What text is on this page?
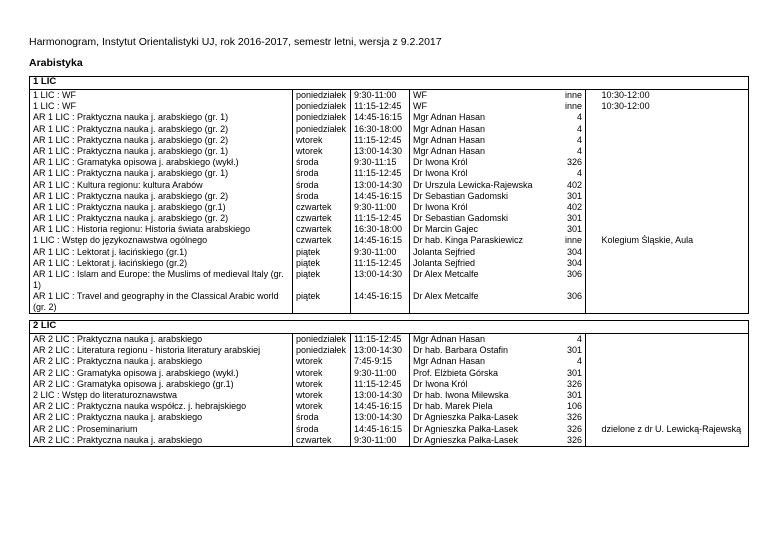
Harmonogram, Instytut Orientalistyki UJ, rok 2016-2017, semestr letni, wersja z 9.2.2017
Arabistyka
1 LIC						
1 LIC : WF	poniedziałek	9:30-11:00	WF	inne		10:30-12:00
1 LIC : WF	poniedziałek	11:15-12:45	WF	inne		10:30-12:00
AR 1 LIC : Praktyczna nauka j. arabskiego (gr. 1)	poniedziałek	14:45-16:15	Mgr Adnan Hasan	4		
AR 1 LIC : Praktyczna nauka j. arabskiego (gr. 2)	poniedziałek	16:30-18:00	Mgr Adnan Hasan	4		
AR 1 LIC : Praktyczna nauka j. arabskiego (gr. 2)	wtorek	11:15-12:45	Mgr Adnan Hasan	4		
AR 1 LIC : Praktyczna nauka j. arabskiego (gr. 1)	wtorek	13:00-14:30	Mgr Adnan Hasan	4		
AR 1 LIC : Gramatyka opisowa j. arabskiego (wykł.)	środa	9:30-11:15	Dr Iwona Król	326		
AR 1 LIC : Praktyczna nauka j. arabskiego (gr. 1)	środa	11:15-12:45	Dr Iwona Król	4		
AR 1 LIC : Kultura regionu: kultura Arabów	środa	13:00-14:30	Dr Urszula Lewicka-Rajewska	402		
AR 1 LIC : Praktyczna nauka j. arabskiego (gr. 2)	środa	14:45-16:15	Dr Sebastian Gadomski	301		
AR 1 LIC : Praktyczna nauka j. arabskiego (gr.1)	czwartek	9:30-11:00	Dr Iwona Król	402		
AR 1 LIC : Praktyczna nauka j. arabskiego (gr. 2)	czwartek	11:15-12:45	Dr Sebastian Gadomski	301		
AR 1 LIC : Historia regionu: Historia świata arabskiego	czwartek	16:30-18:00	Dr Marcin Gajec	301		
1 LIC : Wstęp do językoznawstwa ogólnego	czwartek	14:45-16:15	Dr hab. Kinga Paraskiewicz	inne		Kolegium Śląskie, Aula
AR 1 LIC : Lektorat j. łacińskiego (gr.1)	piątek	9:30-11:00	Jolanta Sejfried	304		
AR 1 LIC : Lektorat j. łacińskiego (gr.2)	piątek	11:15-12:45	Jolanta Sejfried	304		
AR 1 LIC : Islam and Europe: the Muslims of medieval Italy (gr. 1)	piątek	13:00-14:30	Dr Alex Metcalfe	306		
AR 1 LIC : Travel and geography in the Classical Arabic world (gr. 2)	piątek	14:45-16:15	Dr Alex Metcalfe	306		

2 LIC						
AR 2 LIC : Praktyczna nauka j. arabskiego	poniedziałek	11:15-12:45	Mgr Adnan Hasan	4		
AR 2 LIC : Literatura regionu - historia literatury arabskiej	poniedziałek	13:00-14:30	Dr hab. Barbara Ostafin	301		
AR 2 LIC : Praktyczna nauka j. arabskiego	wtorek	7:45-9:15	Mgr Adnan Hasan	4		
AR 2 LIC : Gramatyka opisowa j. arabskiego (wykł.)	wtorek	9:30-11:00	Prof. Elżbieta Górska	301		
AR 2 LIC : Gramatyka opisowa j. arabskiego (gr.1)	wtorek	11:15-12:45	Dr Iwona Król	326		
2 LIC : Wstęp do literaturoznawstwa	wtorek	13:00-14:30	Dr hab. Iwona Milewska	301		
AR 2 LIC : Praktyczna nauka współcz. j. hebrajskiego	wtorek	14:45-16:15	Dr hab. Marek Piela	106		
AR 2 LIC : Praktyczna nauka j. arabskiego	środa	13:00-14:30	Dr Agnieszka Pałka-Lasek	326		
AR 2 LIC : Proseminarium	środa	14:45-16:15	Dr Agnieszka Pałka-Lasek	326		dzielone z dr U. Lewicką-Rajewską
AR 2 LIC : Praktyczna nauka j. arabskiego	czwartek	9:30-11:00	Dr Agnieszka Pałka-Lasek	326		
